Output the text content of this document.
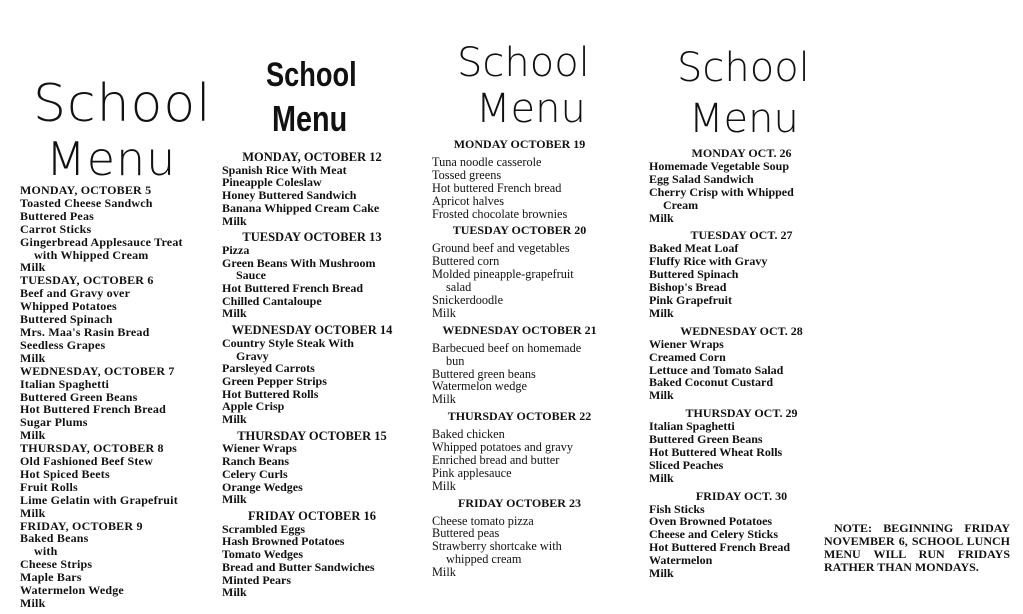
School
Menu
MONDAY, OCTOBER 5
Toasted Cheese Sandwch
Buttered Peas
Carrot Sticks
Gingerbread Applesauce Treat
with Whipped Cream
Milk
TUESDAY, OCTOBER 6
Beef and Gravy over
Whipped Potatoes
Buttered Spinach
Mrs. Maa's Rasin Bread
Seedless Grapes
Milk
WEDNESDAY, OCTOBER 7
Italian Spaghetti
Buttered Green Beans
Hot Buttered French Bread
Sugar Plums
Milk
THURSDAY, OCTOBER 8
Old Fashioned Beef Stew
Hot Spiced Beets
Fruit Rolls
Lime Gelatin with Grapefruit
Milk
FRIDAY, OCTOBER 9
Baked Beans
with
Cheese Strips
Maple Bars
Watermelon Wedge
Milk
School
Menu
MONDAY, OCTOBER 12
Spanish Rice With Meat
Pineapple Coleslaw
Honey Buttered Sandwich
Banana Whipped Cream Cake
Milk
TUESDAY OCTOBER 13
Pizza
Green Beans With Mushroom
Sauce
Hot Buttered French Bread
Chilled Cantaloupe
Milk
WEDNESDAY OCTOBER 14
Country Style Steak With
Gravy
Parsleyed Carrots
Green Pepper Strips
Hot Buttered Rolls
Apple Crisp
Milk
THURSDAY OCTOBER 15
Wiener Wraps
Ranch Beans
Celery Curls
Orange Wedges
Milk
FRIDAY OCTOBER 16
Scrambled Eggs
Hash Browned Potatoes
Tomato Wedges
Bread and Butter Sandwiches
Minted Pears
Milk
School
Menu
MONDAY OCTOBER 19
Tuna noodle casserole
Tossed greens
Hot buttered French bread
Apricot halves
Frosted chocolate brownies
TUESDAY OCTOBER 20
Ground beef and vegetables
Buttered corn
Molded pineapple-grapefruit
salad
Snickerdoodle
Milk
WEDNESDAY OCTOBER 21
Barbecued beef on homemade
bun
Buttered green beans
Watermelon wedge
Milk
THURSDAY OCTOBER 22
Baked chicken
Whipped potatoes and gravy
Enriched bread and butter
Pink applesauce
Milk
FRIDAY OCTOBER 23
Cheese tomato pizza
Buttered peas
Strawberry shortcake with
whipped cream
Milk
School
Menu
MONDAY OCT. 26
Homemade Vegetable Soup
Egg Salad Sandwich
Cherry Crisp with Whipped
Cream
Milk
TUESDAY OCT. 27
Baked Meat Loaf
Fluffy Rice with Gravy
Buttered Spinach
Bishop's Bread
Pink Grapefruit
Milk
WEDNESDAY OCT. 28
Wiener Wraps
Creamed Corn
Lettuce and Tomato Salad
Baked Coconut Custard
Milk
THURSDAY OCT. 29
Italian Spaghetti
Buttered Green Beans
Hot Buttered Wheat Rolls
Sliced Peaches
Milk
FRIDAY OCT. 30
Fish Sticks
Oven Browned Potatoes
Cheese and Celery Sticks
Hot Buttered French Bread
Watermelon
Milk
NOTE: BEGINNING FRIDAY NOVEMBER 6, SCHOOL LUNCH MENU WILL RUN FRIDAYS RATHER THAN MONDAYS.
